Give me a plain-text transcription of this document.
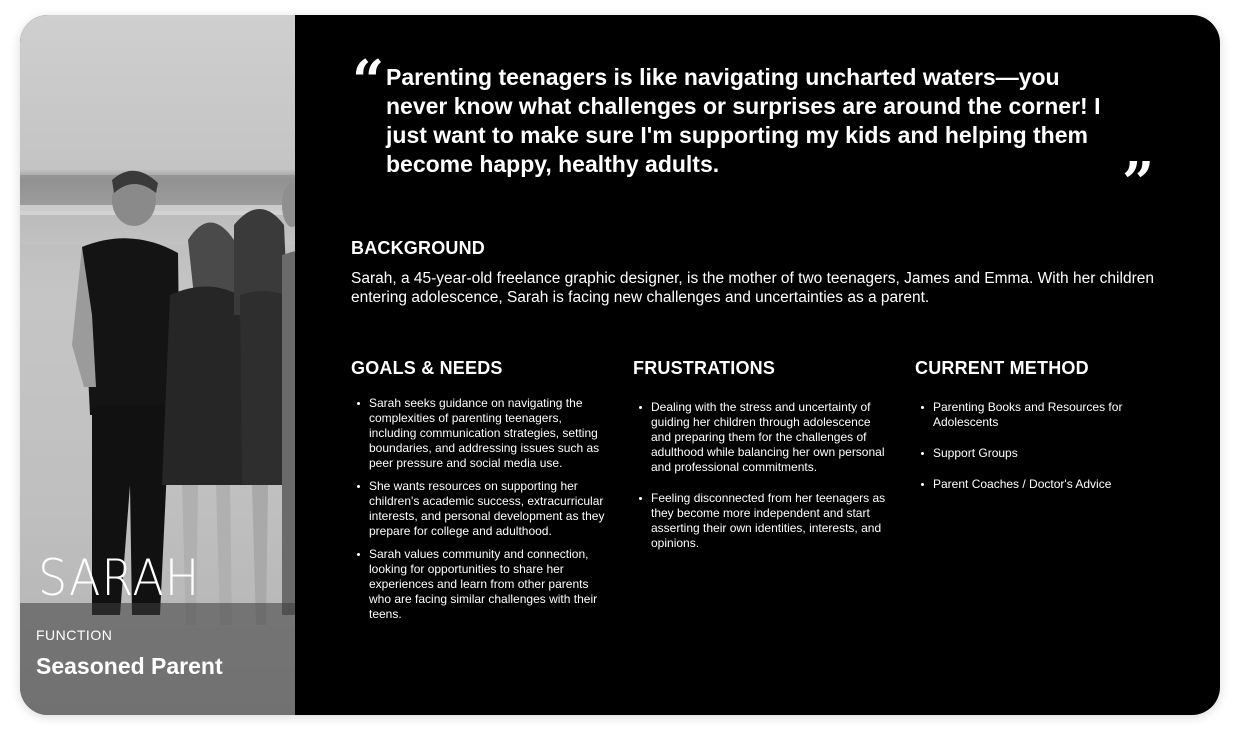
SARAH
FUNCTION
Seasoned Parent
“ Parenting teenagers is like navigating uncharted waters—you never know what challenges or surprises are around the corner! I just want to make sure I'm supporting my kids and helping them become happy, healthy adults.	”
BACKGROUND
Sarah, a 45-year-old freelance graphic designer, is the mother of two teenagers, James and Emma. With her children entering adolescence, Sarah is facing new challenges and uncertainties as a parent.
GOALS & NEEDS
Sarah seeks guidance on navigating the complexities of parenting teenagers, including communication strategies, setting boundaries, and addressing issues such as peer pressure and social media use.
She wants resources on supporting her children's academic success, extracurricular interests, and personal development as they prepare for college and adulthood.
Sarah values community and connection, looking for opportunities to share her experiences and learn from other parents who are facing similar challenges with their teens.
FRUSTRATIONS
Dealing with the stress and uncertainty of guiding her children through adolescence and preparing them for the challenges of adulthood while balancing her own personal and professional commitments.
Feeling disconnected from her teenagers as they become more independent and start asserting their own identities, interests, and opinions.
CURRENT METHOD
Parenting Books and Resources for Adolescents
Support Groups
Parent Coaches / Doctor's Advice
